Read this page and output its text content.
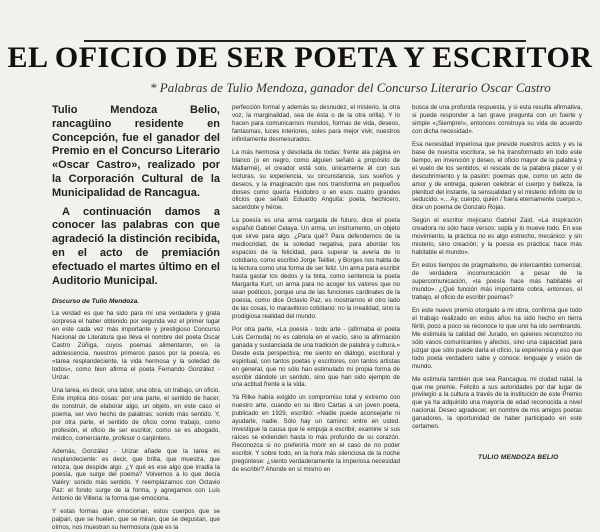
EL OFICIO DE SER POETA Y ESCRITOR

* Palabras de Tulio Mendoza, ganador del Concurso Literario Oscar Castro

Tulio Mendoza Belio, rancagüino residente en Concepción, fue el ganador del Premio en el Concurso Literario «Oscar Castro», realizado por la Corporación Cultural de la Municipalidad de Rancagua.

A continuación damos a conocer las palabras con que agradeció la distinción recibida, en el acto de premiación efectuado el martes último en el Auditorio Municipal.

Discurso de Tulio Mendoza.

La verdad es que ha sido para mí una verdadera y grata sorpresa el haber obtenido por segunda vez el primer lugar en este cada vez más importante y prestigioso Concurso Nacional de Literatura que lleva el nombre del poeta Oscar Castro Zúñiga, cuyos poemas alimentaron, en la adolescencia, nuestros primeros pasos por la poesía, es «tarea resplandeciente, la vida hermosa y la soledad de todos», como bien afirma el poeta Fernando González - Urizar.

Una tarea, es decir, una labor, una obra, un trabajo, un oficio. Este implica dos cosas: por una parte, el sentido de hacer, de construir, de elaborar algo, un objeto, en este caso el poema, ser vivo hecho de palabras: sonido más sentido. Y, por otra parte, el sentido de oficio como trabajo, como profesión, el oficio de ser escritor, como se es abogado, médico, comerciante, profesor o carpintero.

Además, González - Urizar añade que la tarea es resplandeciente: es decir, que brilla, que muestra, que retoza, que despide algo. ¿Y qué es ese algo que irradia la poesía, que surge del poema? Volvemos a lo que decía Valéry: sonido más sentido. Y reemplazamos con Octavio Paz: el fondo surge de la forma, y agregamos con Luis Antonio de Villena: la forma que emociona.

Y estas formas que emocionan, estos cuerpos que se palpan, que se huelen, que se miran, que se degustan, que oímos, nos muestran su hermosura (que es la

perfección formal y además su desnudez, el misterio, la otra voz, la marginalidad, sea de ésta o de la otra orilla). Y lo hacen para comunicarnos mundos, formas de vida, deseos, fantasmas, luces interiores, soles para mejor vivir, nuestros infinitamente desmesurados.

La más hermosa y desolada de todas: frente ala página en blanco (o en negro, como alguien señaló a propósito de Mallarmé), el creador está solo, únicamente él con sus lecturas, su experiencia, su circunstancia, sus sueños y deseos, y la imaginación que nos transforma en pequeños dioses como quería Huidobro o en esos cuatro grandes oficios que señaló Eduardo Anguita: poeta, hechicero, sacerdote y héroe.

La poesía es una arma cargada de futuro, dice el poeta español Gabriel Celaya. Un arma, un instrumento, un objeto que sirve para algo. ¿Para qué? Para defendernos de la mediocridad, de la soledad negativa, para abordar los espacios de la felicidad, para superar la avería de lo cotidiano, como escribió Jorge Teillier, y Borges nos habla de la lectura como una forma de ser feliz. Un arma para escribir hasta gastar los dedos y la tinta, como sentencia la poeta Margarita Kurt, un arma para no acoger los valores que no sean poéticos, porque una de las funciones cardinales de la poesía, como dice Octavio Paz, es mostrarnos el otro lado de las cosas, lo maravilloso cotidiano: no la irrealidad, sino la prodigiosa realidad del mundo.

Por otra parte, «La poesía - todo arte - (afirmaba el poeta Luis Cernuda) no es cabriola en el vacío, sino la afirmación ganada y sustanciada de una tradición de palabra y cultura.» Desde esta perspectiva, me siento en diálogo, escritural y espiritual, con tantos poetas y escritores, con tantos artistas en general, que no sólo han estimulado mi propia forma de escribir dándole un sentido, sino que han sido ejemplo de una actitud frente a la vida.

Ya Rilke había exigido un compromiso total y extremo con nuestro arte, cuando en su libro Cartas a un joven poeta, publicado en 1929, escribió: «Nadie puede aconsejarle ni ayudarle, nadie. Sólo hay un camino: entre en usted. Investigue la causa que le empuja a escribir, examine si sus raíces se extienden hasta lo más profundo de su corazón. Reconozca si no preferiría morir en el caso de no poder escribir. Y sobre todo, en la hora más silenciosa de la noche pregúntese: ¿siento verdaderamente la imperiosa necesidad de escribir? Ahonde en sí mismo en

busca de una profunda respuesta, y si esta resulta afirmativa, si puede responder a tan grave pregunta con un fuerte y simple «¡Siempre!», entonces construya su vida de acuerdo con dicha necesidad».

Esa necesidad imperiosa que preside nuestros actos y es la base de nuestra escritura, se ha transformado en todo este tiempo, en invención y deseo, el oficio mayor de la palabra y el vuelo de los sentidos, el rescate de la palabra placer y el descubrimiento y la pasión: poemas que, como un acto de amor y de entrega, quieren celebrar el cuerpo y belleza, la plenitud del instante, la sensualidad y el misterio infinito de lo seducido. «... Ay, cuerpo, quién / fuera eternamente cuerpo.», dice un poema de Gonzalo Rojas.

Según el escritor mejicano Gabriel Zaid, «La inspiración creadora no sólo hace versos: sopla y lo mueve todo. En ese movimiento, la práctica no es algo estrecho, mecánico: y sin misterio, sino creación; y la poesía es práctica: hace más habitable el mundo».

En estos tiempos de pragmatismo, de intercambio comercial, de verdadera incomunicación a pesar de la supercomunicación, «la poesía hace más habitable el mundo». ¿Qué función más importante cobra, entonces, el trabajo, el oficio de escribir poemas?

En este nuevo premio otorgado a mi obra, confirma que todo el trabajo realizado en estos años ha sido hecho en tierra fértil, poco a poco se reconoce lo que uno ha ido sembrando. Me estimula la calidad del Jurado, en quienes reconozco no sólo vasos comunicantes y afectos, sino una capacidad para juzgar que sólo puede darla el oficio, la experiencia y eso que todo poeta verdadero sabe y conoce: lenguaje y visión de mundo.

Me estimula también que sea Rancagua, mi ciudad natal, la que me premie. Felicito a sus autoridades por dar lugar de privilegio a la cultura a través de la institución de este Premio que ya ha adquirido una mayoría de edad reconocida a nivel nacional. Deseo agradecer, en nombre de mis amigos poetas ganadores, la oportunidad de haber participado en este certamen.

TULIO MENDOZA BELIO
